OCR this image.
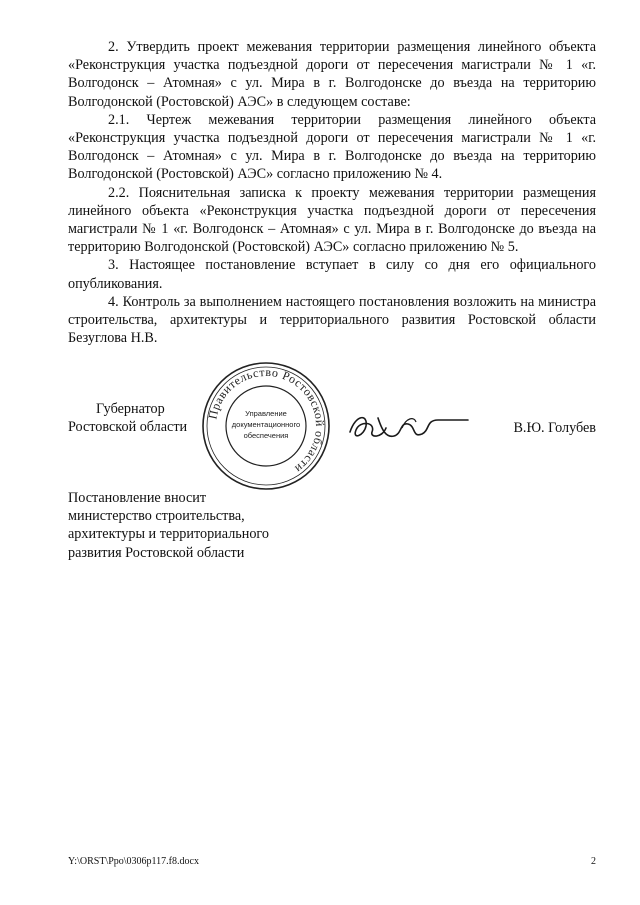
2. Утвердить проект межевания территории размещения линейного объекта «Реконструкция участка подъездной дороги от пересечения магистрали № 1 «г. Волгодонск – Атомная» с ул. Мира в г. Волгодонске до въезда на территорию Волгодонской (Ростовской) АЭС» в следующем составе:

2.1. Чертеж межевания территории размещения линейного объекта «Реконструкция участка подъездной дороги от пересечения магистрали № 1 «г. Волгодонск – Атомная» с ул. Мира в г. Волгодонске до въезда на территорию Волгодонской (Ростовской) АЭС» согласно приложению № 4.

2.2. Пояснительная записка к проекту межевания территории размещения линейного объекта «Реконструкция участка подъездной дороги от пересечения магистрали № 1 «г. Волгодонск – Атомная» с ул. Мира в г. Волгодонске до въезда на территорию Волгодонской (Ростовской) АЭС» согласно приложению № 5.

3. Настоящее постановление вступает в силу со дня его официального опубликования.

4. Контроль за выполнением настоящего постановления возложить на министра строительства, архитектуры и территориального развития Ростовской области Безуглова Н.В.

Губернатор
Ростовской области
Правительство Ростовской области
Управление
документационного
обеспечения	В.Ю. Голубев
Постановление вносит
министерство строительства,
архитектуры и территориального
развития Ростовской области
Y:\ORST\Ppo\0306p117.f8.docx	2
